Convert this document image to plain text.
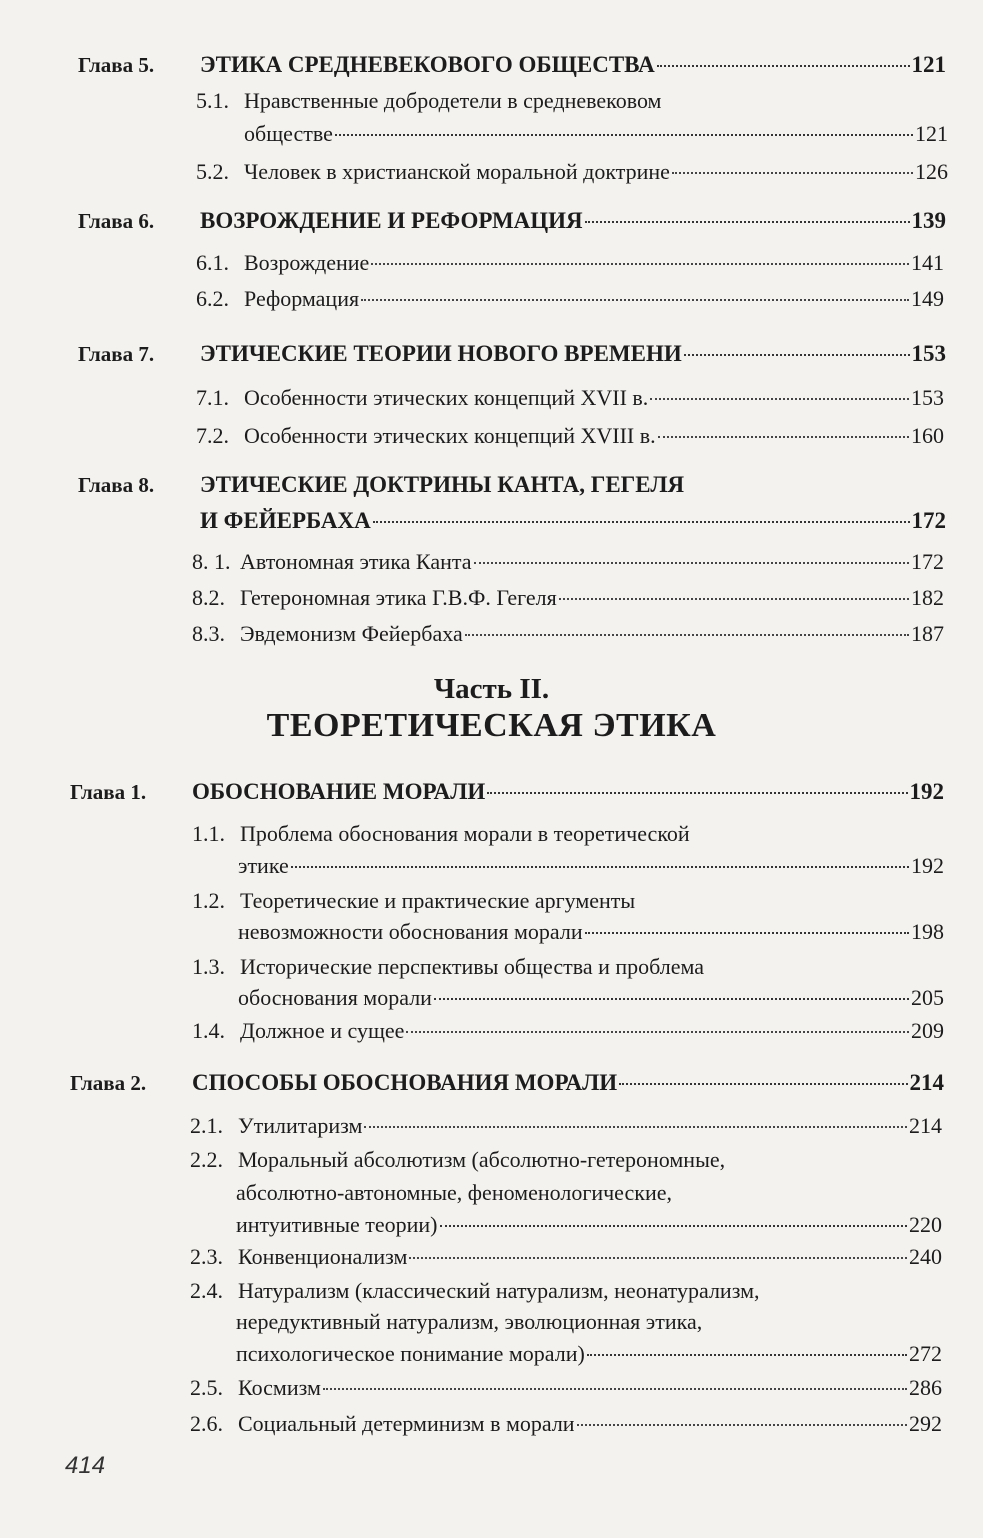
Глава 5. ЭТИКА СРЕДНЕВЕКОВОГО ОБЩЕСТВА	121
5.1. Нравственные добродетели в средневековом
обществе	121
5.2. Человек в христианской моральной доктрине	126
Глава 6. ВОЗРОЖДЕНИЕ И РЕФОРМАЦИЯ	139
6.1. Возрождение	141
6.2. Реформация	149
Глава 7. ЭТИЧЕСКИЕ ТЕОРИИ НОВОГО ВРЕМЕНИ	153
7.1. Особенности этических концепций XVII в.	153
7.2. Особенности этических концепций XVIII в.	160
Глава 8. ЭТИЧЕСКИЕ ДОКТРИНЫ КАНТА, ГЕГЕЛЯ
И ФЕЙЕРБАХА	172
8. 1. Автономная этика Канта	172
8.2. Гетерономная этика Г.В.Ф. Гегеля	182
8.3. Эвдемонизм Фейербаха	187
Часть II.
ТЕОРЕТИЧЕСКАЯ ЭТИКА
Глава 1. ОБОСНОВАНИЕ МОРАЛИ	192
1.1. Проблема обоснования морали в теоретической
этике	192
1.2. Теоретические и практические аргументы
невозможности обоснования морали	198
1.3. Исторические перспективы общества и проблема
обоснования морали	205
1.4. Должное и сущее	209
Глава 2. СПОСОБЫ ОБОСНОВАНИЯ МОРАЛИ	214
2.1. Утилитаризм	214
2.2. Моральный абсолютизм (абсолютно-гетерономные,
абсолютно-автономные, феноменологические,
интуитивные теории)	220
2.3. Конвенционализм	240
2.4. Натурализм (классический натурализм, неонатурализм,
нередуктивный натурализм, эволюционная этика,
психологическое понимание морали)	272
2.5. Космизм	286
2.6. Социальный детерминизм в морали	292
414
